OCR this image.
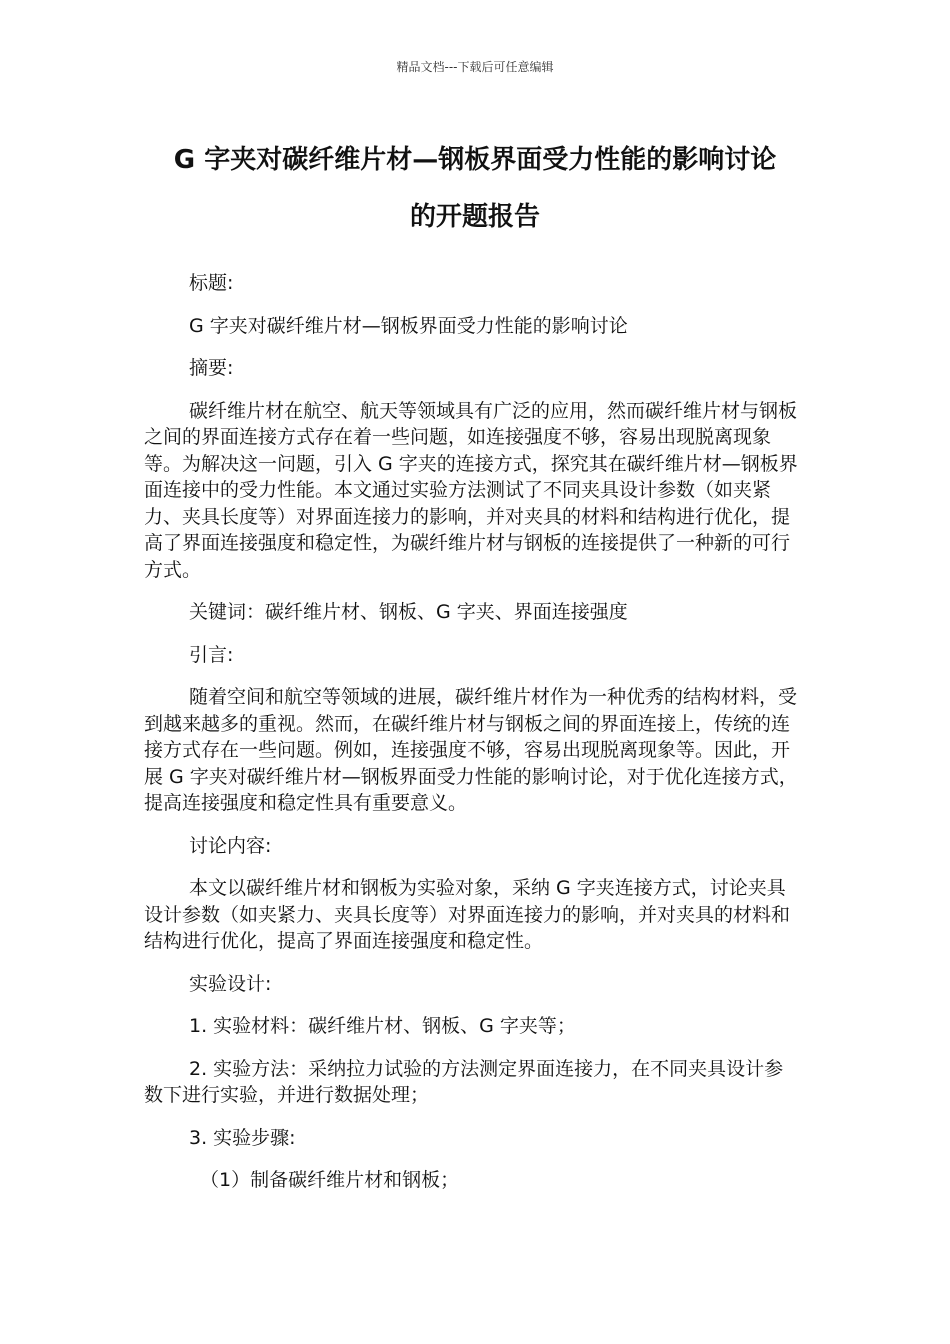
精品文档---下载后可任意编辑
G 字夹对碳纤维片材—钢板界面受力性能的影响讨论
的开题报告

标题:

G 字夹对碳纤维片材—钢板界面受力性能的影响讨论

摘要:

碳纤维片材在航空、航天等领域具有广泛的应用，然而碳纤维片材与钢板之间的界面连接方式存在着一些问题，如连接强度不够，容易出现脱离现象等。为解决这一问题，引入 G 字夹的连接方式，探究其在碳纤维片材—钢板界面连接中的受力性能。本文通过实验方法测试了不同夹具设计参数（如夹紧力、夹具长度等）对界面连接力的影响，并对夹具的材料和结构进行优化，提高了界面连接强度和稳定性，为碳纤维片材与钢板的连接提供了一种新的可行方式。

关键词：碳纤维片材、钢板、G 字夹、界面连接强度

引言:

随着空间和航空等领域的进展，碳纤维片材作为一种优秀的结构材料，受到越来越多的重视。然而，在碳纤维片材与钢板之间的界面连接上，传统的连接方式存在一些问题。例如，连接强度不够，容易出现脱离现象等。因此，开展 G 字夹对碳纤维片材—钢板界面受力性能的影响讨论，对于优化连接方式，提高连接强度和稳定性具有重要意义。

讨论内容:

本文以碳纤维片材和钢板为实验对象，采纳 G 字夹连接方式，讨论夹具设计参数（如夹紧力、夹具长度等）对界面连接力的影响，并对夹具的材料和结构进行优化，提高了界面连接强度和稳定性。

实验设计:

1. 实验材料：碳纤维片材、钢板、G 字夹等；

2. 实验方法：采纳拉力试验的方法测定界面连接力，在不同夹具设计参数下进行实验，并进行数据处理；

3. 实验步骤:

（1）制备碳纤维片材和钢板；
